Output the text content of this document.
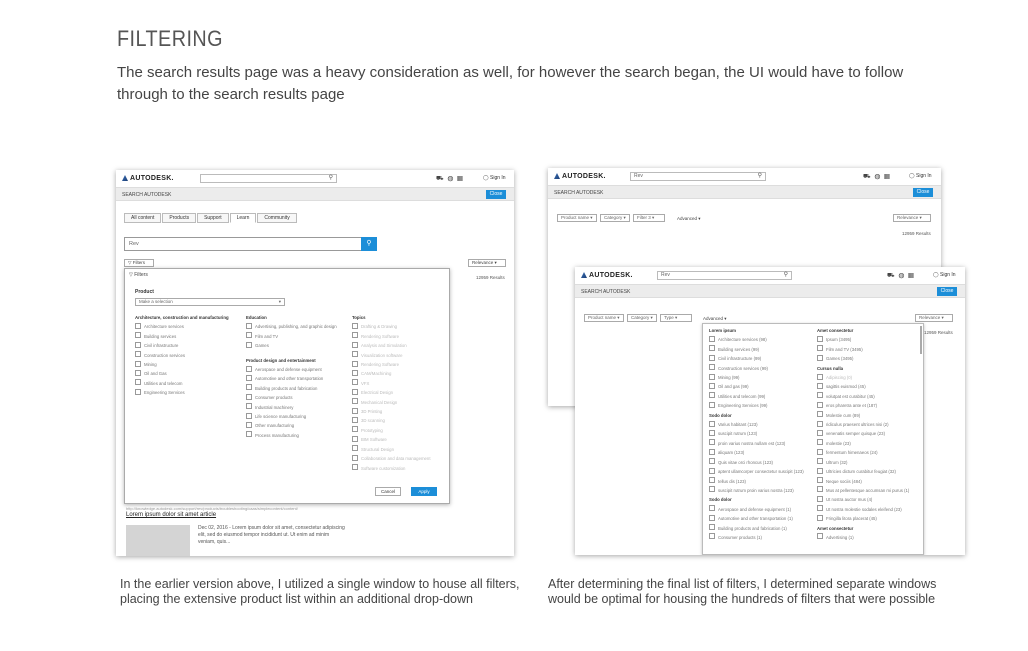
FILTERING
The search results page was a heavy consideration as well, for however the search began, the UI would have to follow through to the search results page
AUTODESK.	⚲	⛟◍▦	◯ Sign In
SEARCH AUTODESK	Close
All content	Products	Support	Learn	Community
Rev	⚲
▽ Filters	Relevance ▾
12959 Results
http://knowledge.autodesk.com/support/rev/products/troubleshooting/caas/simplecontent/content/
Lorem ipsum dolor sit amet article
Dec 02, 2016 - Lorem ipsum dolor sit amet, consectetur adipiscing elit, sed do eiusmod tempor incididunt ut. Ut enim ad minim veniam, quis...
▽ Filters
Product
Make a selection	▾
Architecture, construction and manufacturing
Architecture services
Building services
Civil infrastructure
Construction services
Mining
Oil and Gas
Utilities and telecom
Engineering Services
Education
Advertising, publishing, and graphic design
Film and TV
Games
Product design and entertainment
Aerospace and defense equipment
Automotive and other transportation
Building products and fabrication
Consumer products
Industrial machinery
Life science manufacturing
Other manufacturing
Process manufacturing
Topics
Drafting & Drawing
Rendering Software
Analysis and Simulation
Visualization software
Rendering Software
CAM/Machining
VFX
Electrical Design
Mechanical Design
3D Printing
3D scanning
Prototyping
BIM Software
Structural Design
Collaboration and data management
Software customization
Cancel	Apply
AUTODESK.	Rev	⚲	⛟◍▦	◯ Sign In
SEARCH AUTODESK	Close
Product name ▾	Category ▾	Filter 3 ▾	Advanced ▾	Relevance ▾
12959 Results
AUTODESK.	Rev	⚲	⛟◍▦	◯ Sign In
SEARCH AUTODESK	Close
Product name ▾	Category ▾	Type ▾	Advanced ▾	Relevance ▾
12959 Results
Lorem ipsum
Architecture services (98)
Building services (99)
Civil infrastructure (99)
Construction services (99)
Mining (99)
Oil and gas (99)
Utilities and telecom (99)
Engineering Services (99)
Sodo dolor
Varius habitant (123)
suscipit rutrum (123)
proin varius nostra nullam est (123)
aliquam (123)
Quis vitae orci rhoncus (123)
aptent ullamcorper consectetur suscipit (123)
tellus dis (123)
suscipit rutrum proin varius nostra (123)
Sodo dolor
Aerospace and defense equipment (1)
Automotive and other transportation (1)
Building products and fabrication (1)
Consumer products (1)
Amet consectetur
Ipsum (3495)
Film and TV (3495)
Games (3495)
Cursus nulla
Adipiscing (0)
sagittis euismod (45)
volutpat est curabitur (45)
eros pharetra ante et (187)
Molestie cum (89)
ridiculus praesent ultrices nisi (2)
venenatis semper quisque (23)
molestie (23)
fermentum himenaeos (24)
Ultrum (32)
Ultricies dictum curabitur feugiat (32)
Neque sociis (484)
Mus at pellentesque accumsan mi purus (1)
Ut nostra auctor mus (4)
Ut nostra molestie sodales eleifend (23)
Fringilla litora placerat (45)
Amet consectetur
Advertising (1)
In the earlier version above, I utilized a single window to house all filters, placing the extensive product list within an additional drop-down
After determining the final list of filters, I determined separate windows would be optimal for housing the hundreds of filters that were possible
